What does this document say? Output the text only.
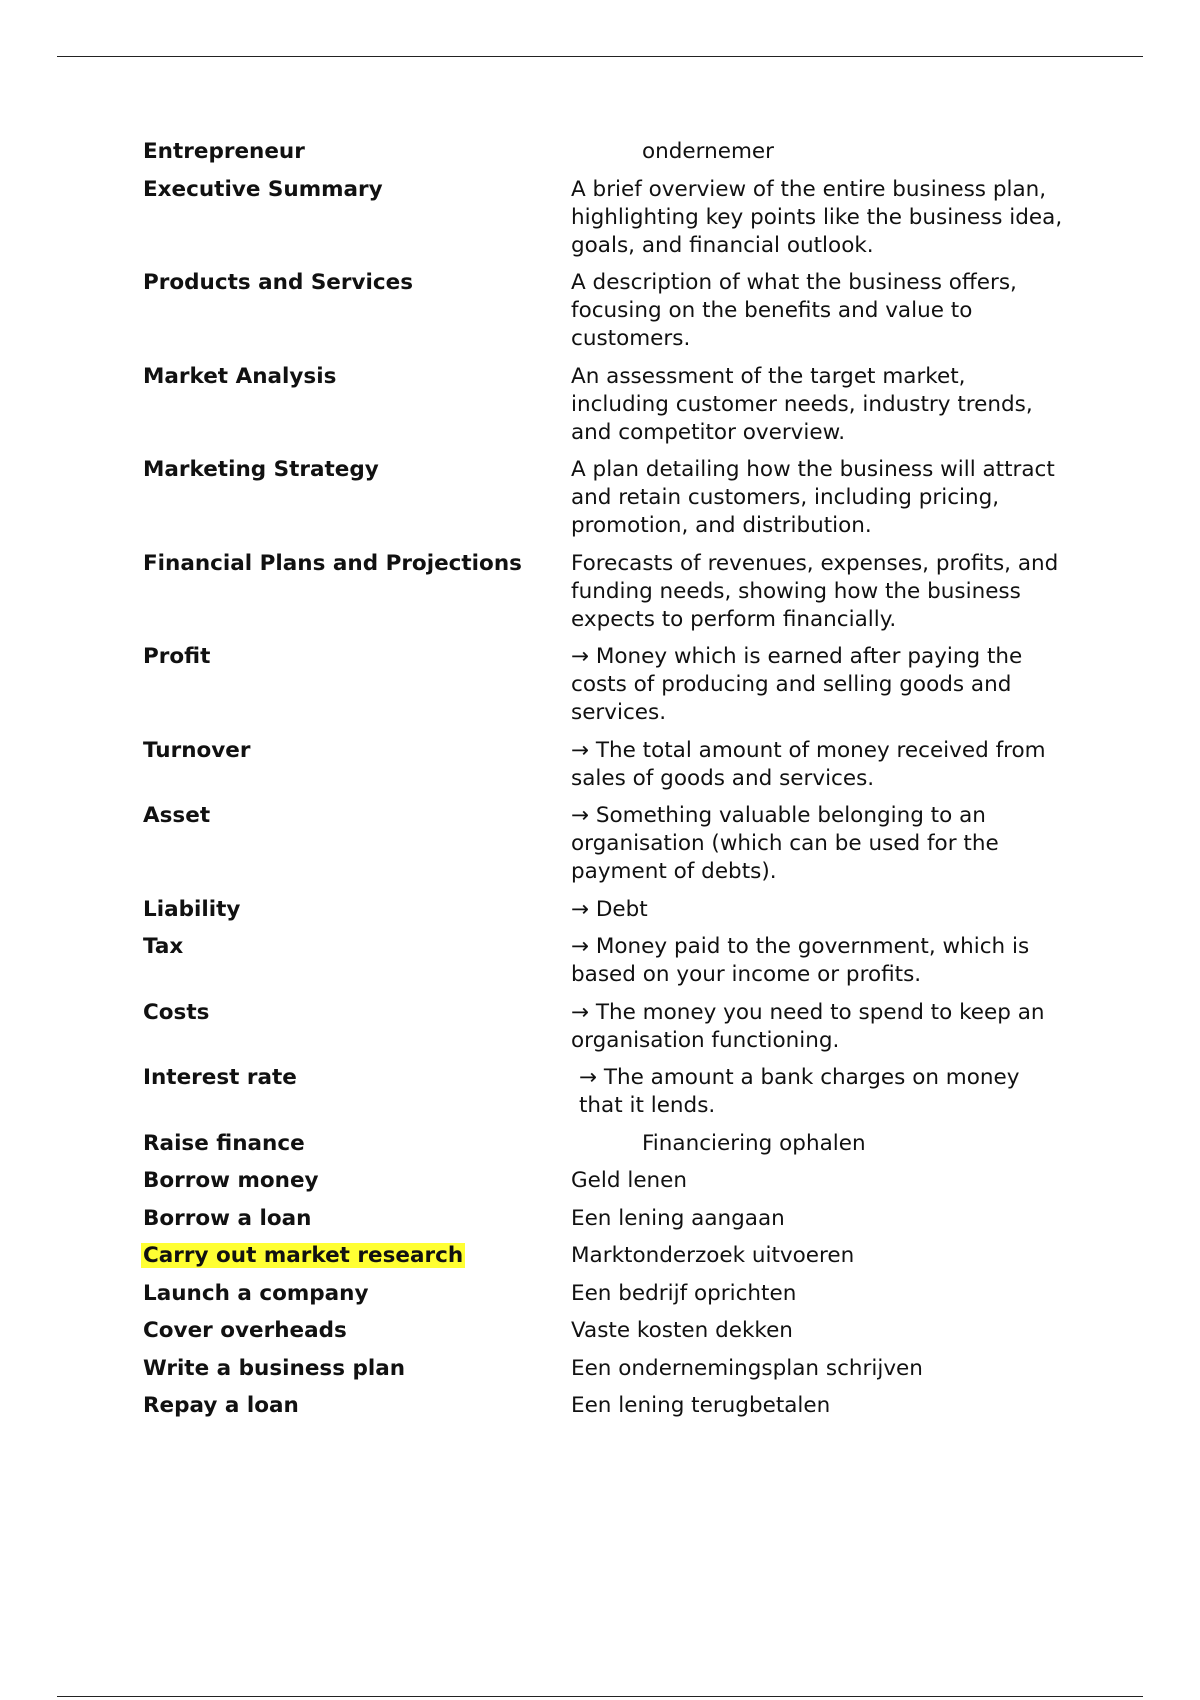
Entrepreneur	ondernemer
Executive Summary	A brief overview of the entire business plan, highlighting key points like the business idea, goals, and financial outlook.
Products and Services	A description of what the business offers, focusing on the benefits and value to customers.
Market Analysis	An assessment of the target market, including customer needs, industry trends, and competitor overview.
Marketing Strategy	A plan detailing how the business will attract and retain customers, including pricing, promotion, and distribution.
Financial Plans and Projections	Forecasts of revenues, expenses, profits, and funding needs, showing how the business expects to perform financially.
Profit	→ Money which is earned after paying the costs of producing and selling goods and services.
Turnover	→ The total amount of money received from sales of goods and services.
Asset	→ Something valuable belonging to an organisation (which can be used for the payment of debts).
Liability	→ Debt
Tax	→ Money paid to the government, which is based on your income or profits.
Costs	→ The money you need to spend to keep an organisation functioning.
Interest rate	→ The amount a bank charges on money that it lends.
Raise finance	Financiering ophalen
Borrow money	Geld lenen
Borrow a loan	Een lening aangaan
Carry out market research	Marktonderzoek uitvoeren
Launch a company	Een bedrijf oprichten
Cover overheads	Vaste kosten dekken
Write a business plan	Een ondernemingsplan schrijven
Repay a loan	Een lening terugbetalen
